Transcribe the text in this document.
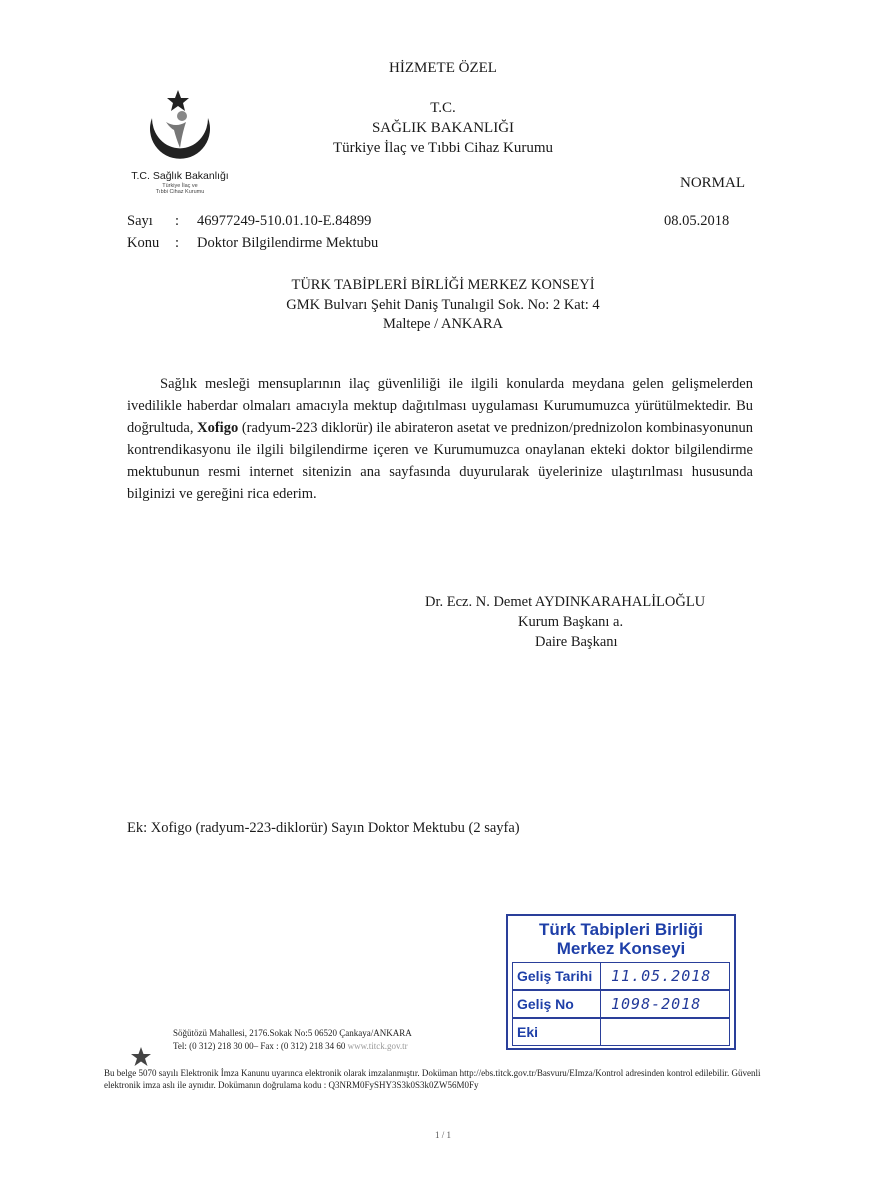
HİZMETE ÖZEL
T.C. Sağlık Bakanlığı
Türkiye İlaç ve
Tıbbi Cihaz Kurumu
T.C.
SAĞLIK BAKANLIĞI
Türkiye İlaç ve Tıbbi Cihaz Kurumu
NORMAL
Sayı : 46977249-510.01.10-E.84899
Konu : Doktor Bilgilendirme Mektubu
08.05.2018
TÜRK TABİPLERİ BİRLİĞİ MERKEZ KONSEYİ
GMK Bulvarı Şehit Daniş Tunalıgil Sok. No: 2 Kat: 4
Maltepe / ANKARA
Sağlık mesleği mensuplarının ilaç güvenliliği ile ilgili konularda meydana gelen gelişmelerden ivedilikle haberdar olmaları amacıyla mektup dağıtılması uygulaması Kurumumuzca yürütülmektedir. Bu doğrultuda, Xofigo (radyum-223 diklorür) ile abirateron asetat ve prednizon/prednizolon kombinasyonunun kontrendikasyonu ile ilgili bilgilendirme içeren ve Kurumumuzca onaylanan ekteki doktor bilgilendirme mektubunun resmi internet sitenizin ana sayfasında duyurularak üyelerinize ulaştırılması hususunda bilginizi ve gereğini rica ederim.
Dr. Ecz. N. Demet AYDINKARAHALİLOĞLU
Kurum Başkanı a.
Daire Başkanı
Ek: Xofigo (radyum-223-diklorür) Sayın Doktor Mektubu (2 sayfa)
Türk Tabipleri Birliği
Merkez Konseyi
Geliş Tarihi	11.05.2018
Geliş No	1098-2018
Eki
Söğütözü Mahallesi, 2176.Sokak No:5 06520 Çankaya/ANKARA
Tel: (0 312) 218 30 00– Fax : (0 312) 218 34 60 www.titck.gov.tr
Bu belge 5070 sayılı Elektronik İmza Kanunu uyarınca elektronik olarak imzalanmıştır. Doküman http://ebs.titck.gov.tr/Basvuru/EImza/Kontrol adresinden kontrol edilebilir. Güvenli elektronik imza aslı ile aynıdır. Dokümanın doğrulama kodu : Q3NRM0FySHY3S3k0S3k0ZW56M0Fy
1 / 1
